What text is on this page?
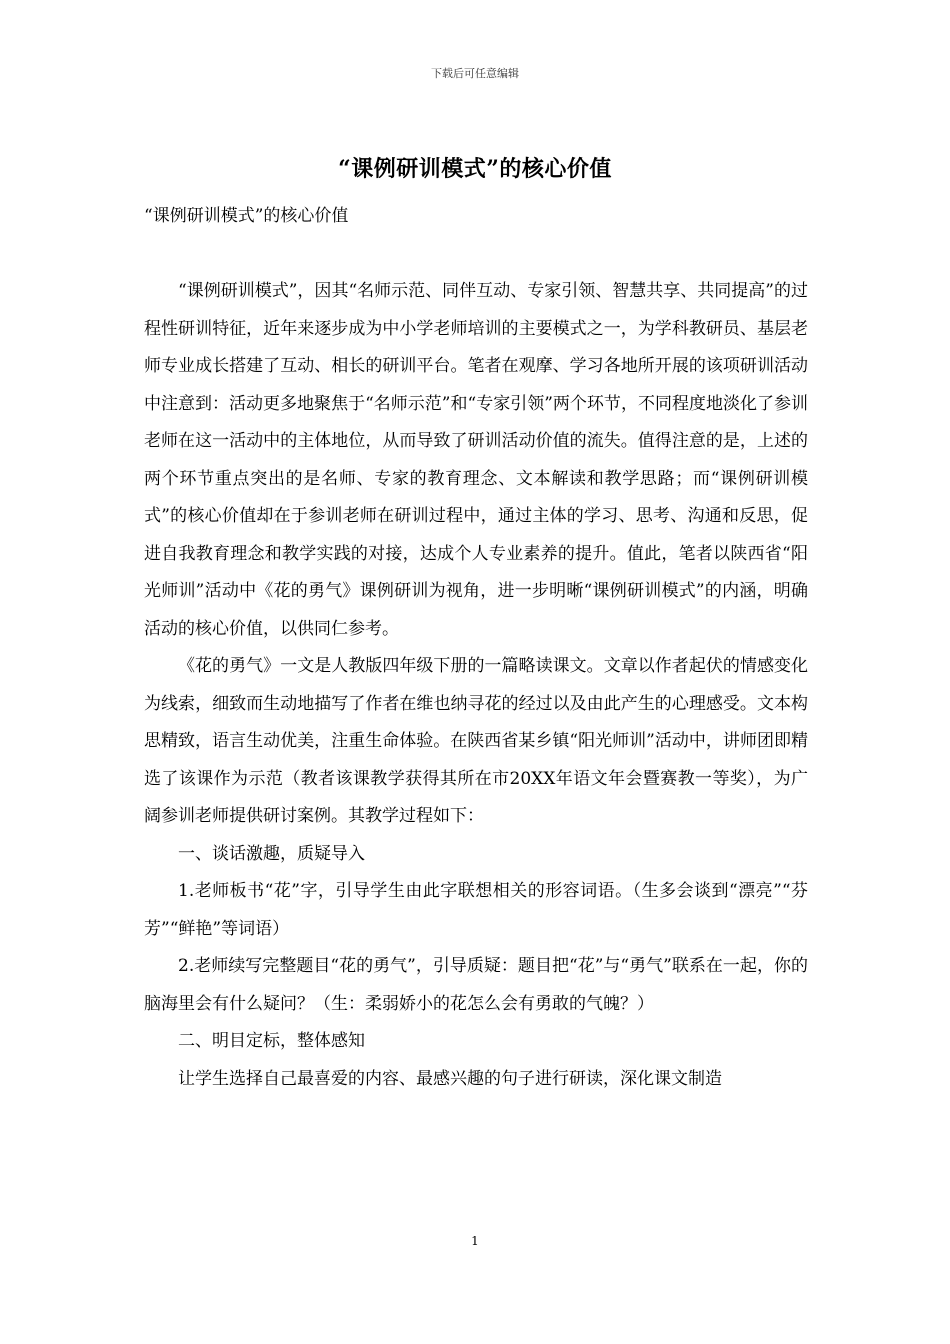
下载后可任意编辑
“课例研训模式”的核心价值

“课例研训模式”的核心价值

“课例研训模式”，因其“名师示范、同伴互动、专家引领、智慧共享、共同提高”的过程性研训特征，近年来逐步成为中小学老师培训的主要模式之一，为学科教研员、基层老师专业成长搭建了互动、相长的研训平台。笔者在观摩、学习各地所开展的该项研训活动中注意到：活动更多地聚焦于“名师示范”和“专家引领”两个环节，不同程度地淡化了参训老师在这一活动中的主体地位，从而导致了研训活动价值的流失。值得注意的是，上述的两个环节重点突出的是名师、专家的教育理念、文本解读和教学思路；而“课例研训模式”的核心价值却在于参训老师在研训过程中，通过主体的学习、思考、沟通和反思，促进自我教育理念和教学实践的对接，达成个人专业素养的提升。值此，笔者以陕西省“阳光师训”活动中《花的勇气》课例研训为视角，进一步明晰“课例研训模式”的内涵，明确活动的核心价值，以供同仁参考。

《花的勇气》一文是人教版四年级下册的一篇略读课文。文章以作者起伏的情感变化为线索，细致而生动地描写了作者在维也纳寻花的经过以及由此产生的心理感受。文本构思精致，语言生动优美，注重生命体验。在陕西省某乡镇“阳光师训”活动中，讲师团即精选了该课作为示范（教者该课教学获得其所在市20XX年语文年会暨赛教一等奖），为广阔参训老师提供研讨案例。其教学过程如下：

一、谈话激趣，质疑导入

1.老师板书“花”字，引导学生由此字联想相关的形容词语。（生多会谈到“漂亮”“芬芳”“鲜艳”等词语）

2.老师续写完整题目“花的勇气”，引导质疑：题目把“花”与“勇气”联系在一起，你的脑海里会有什么疑问？（生：柔弱娇小的花怎么会有勇敢的气魄？）

二、明目定标，整体感知

让学生选择自己最喜爱的内容、最感兴趣的句子进行研读，深化课文制造

1
